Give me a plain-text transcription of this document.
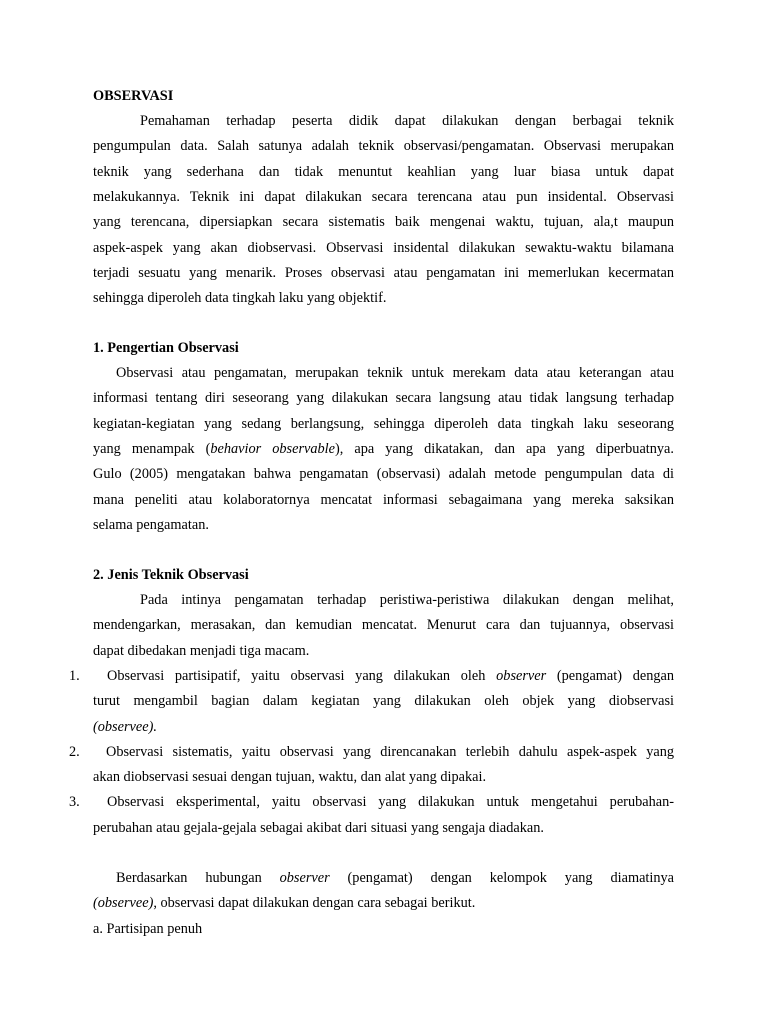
OBSERVASI
Pemahaman terhadap peserta didik dapat dilakukan dengan berbagai teknik
pengumpulan data. Salah satunya adalah teknik observasi/pengamatan. Observasi merupakan
teknik yang sederhana dan tidak menuntut keahlian yang luar biasa untuk dapat
melakukannya. Teknik ini dapat dilakukan secara terencana atau pun insidental. Observasi
yang terencana, dipersiapkan secara sistematis baik mengenai waktu, tujuan, ala,t maupun
aspek-aspek yang akan diobservasi. Observasi insidental dilakukan sewaktu-waktu bilamana
terjadi sesuatu yang menarik. Proses observasi atau pengamatan ini memerlukan kecermatan
sehingga diperoleh data tingkah laku yang objektif.
1. Pengertian Observasi
Observasi atau pengamatan, merupakan teknik untuk merekam data atau keterangan atau
informasi tentang diri seseorang yang dilakukan secara langsung atau tidak langsung terhadap
kegiatan-kegiatan yang sedang berlangsung, sehingga diperoleh data tingkah laku seseorang
yang menampak (behavior observable), apa yang dikatakan, dan apa yang diperbuatnya.
Gulo (2005) mengatakan bahwa pengamatan (observasi) adalah metode pengumpulan data di
mana peneliti atau kolaboratornya mencatat informasi sebagaimana yang mereka saksikan
selama pengamatan.
2. Jenis Teknik Observasi
Pada intinya pengamatan terhadap peristiwa-peristiwa dilakukan dengan melihat,
mendengarkan, merasakan, dan kemudian mencatat. Menurut cara dan tujuannya, observasi
dapat dibedakan menjadi tiga macam.
Observasi partisipatif, yaitu observasi yang dilakukan oleh observer (pengamat) dengan
turut mengambil bagian dalam kegiatan yang dilakukan oleh objek yang diobservasi
(observee).
Observasi sistematis, yaitu observasi yang direncanakan terlebih dahulu aspek-aspek yang
akan diobservasi sesuai dengan tujuan, waktu, dan alat yang dipakai.
Observasi eksperimental, yaitu observasi yang dilakukan untuk mengetahui perubahan-
perubahan atau gejala-gejala sebagai akibat dari situasi yang sengaja diadakan.
Berdasarkan hubungan observer (pengamat) dengan kelompok yang diamatinya
(observee), observasi dapat dilakukan dengan cara sebagai berikut.
a. Partisipan penuh
1.
2.
3.
